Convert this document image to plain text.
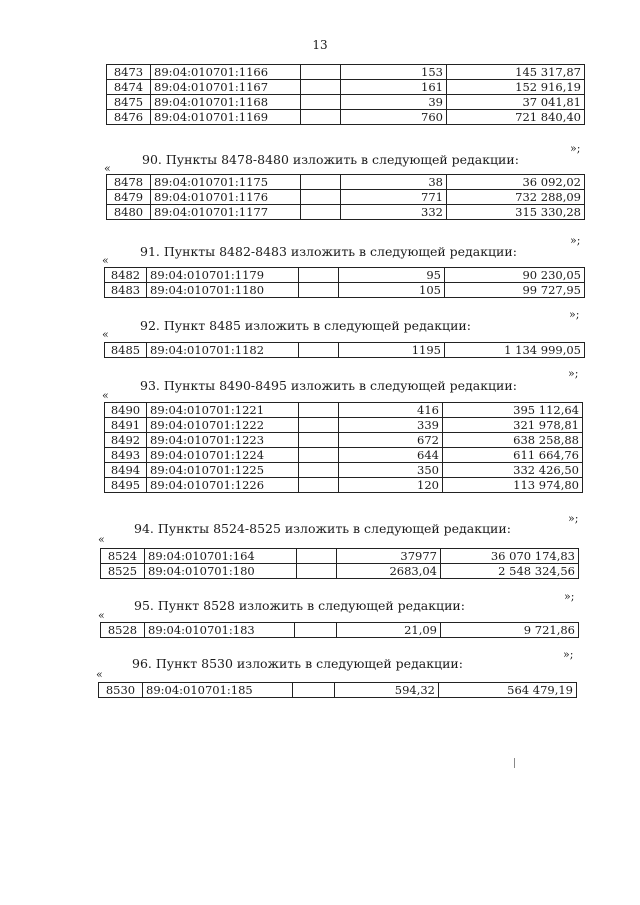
13
8473	89:04:010701:1166		153	145 317,87
8474	89:04:010701:1167		161	152 916,19
8475	89:04:010701:1168		39	37 041,81
8476	89:04:010701:1169		760	721 840,40
»;
90. Пункты 8478-8480 изложить в следующей редакции:
«
8478	89:04:010701:1175		38	36 092,02
8479	89:04:010701:1176		771	732 288,09
8480	89:04:010701:1177		332	315 330,28
»;
91. Пункты 8482-8483 изложить в следующей редакции:
«
8482	89:04:010701:1179		95	90 230,05
8483	89:04:010701:1180		105	99 727,95
»;
92. Пункт 8485 изложить в следующей редакции:
«
8485	89:04:010701:1182		1195	1 134 999,05
»;
93. Пункты 8490-8495 изложить в следующей редакции:
«
8490	89:04:010701:1221		416	395 112,64
8491	89:04:010701:1222		339	321 978,81
8492	89:04:010701:1223		672	638 258,88
8493	89:04:010701:1224		644	611 664,76
8494	89:04:010701:1225		350	332 426,50
8495	89:04:010701:1226		120	113 974,80
»;
94. Пункты 8524-8525 изложить в следующей редакции:
«
8524	89:04:010701:164		37977	36 070 174,83
8525	89:04:010701:180		2683,04	2 548 324,56
»;
95. Пункт 8528 изложить в следующей редакции:
«
8528	89:04:010701:183		21,09	9 721,86
»;
96. Пункт 8530 изложить в следующей редакции:
«
8530	89:04:010701:185		594,32	564 479,19
